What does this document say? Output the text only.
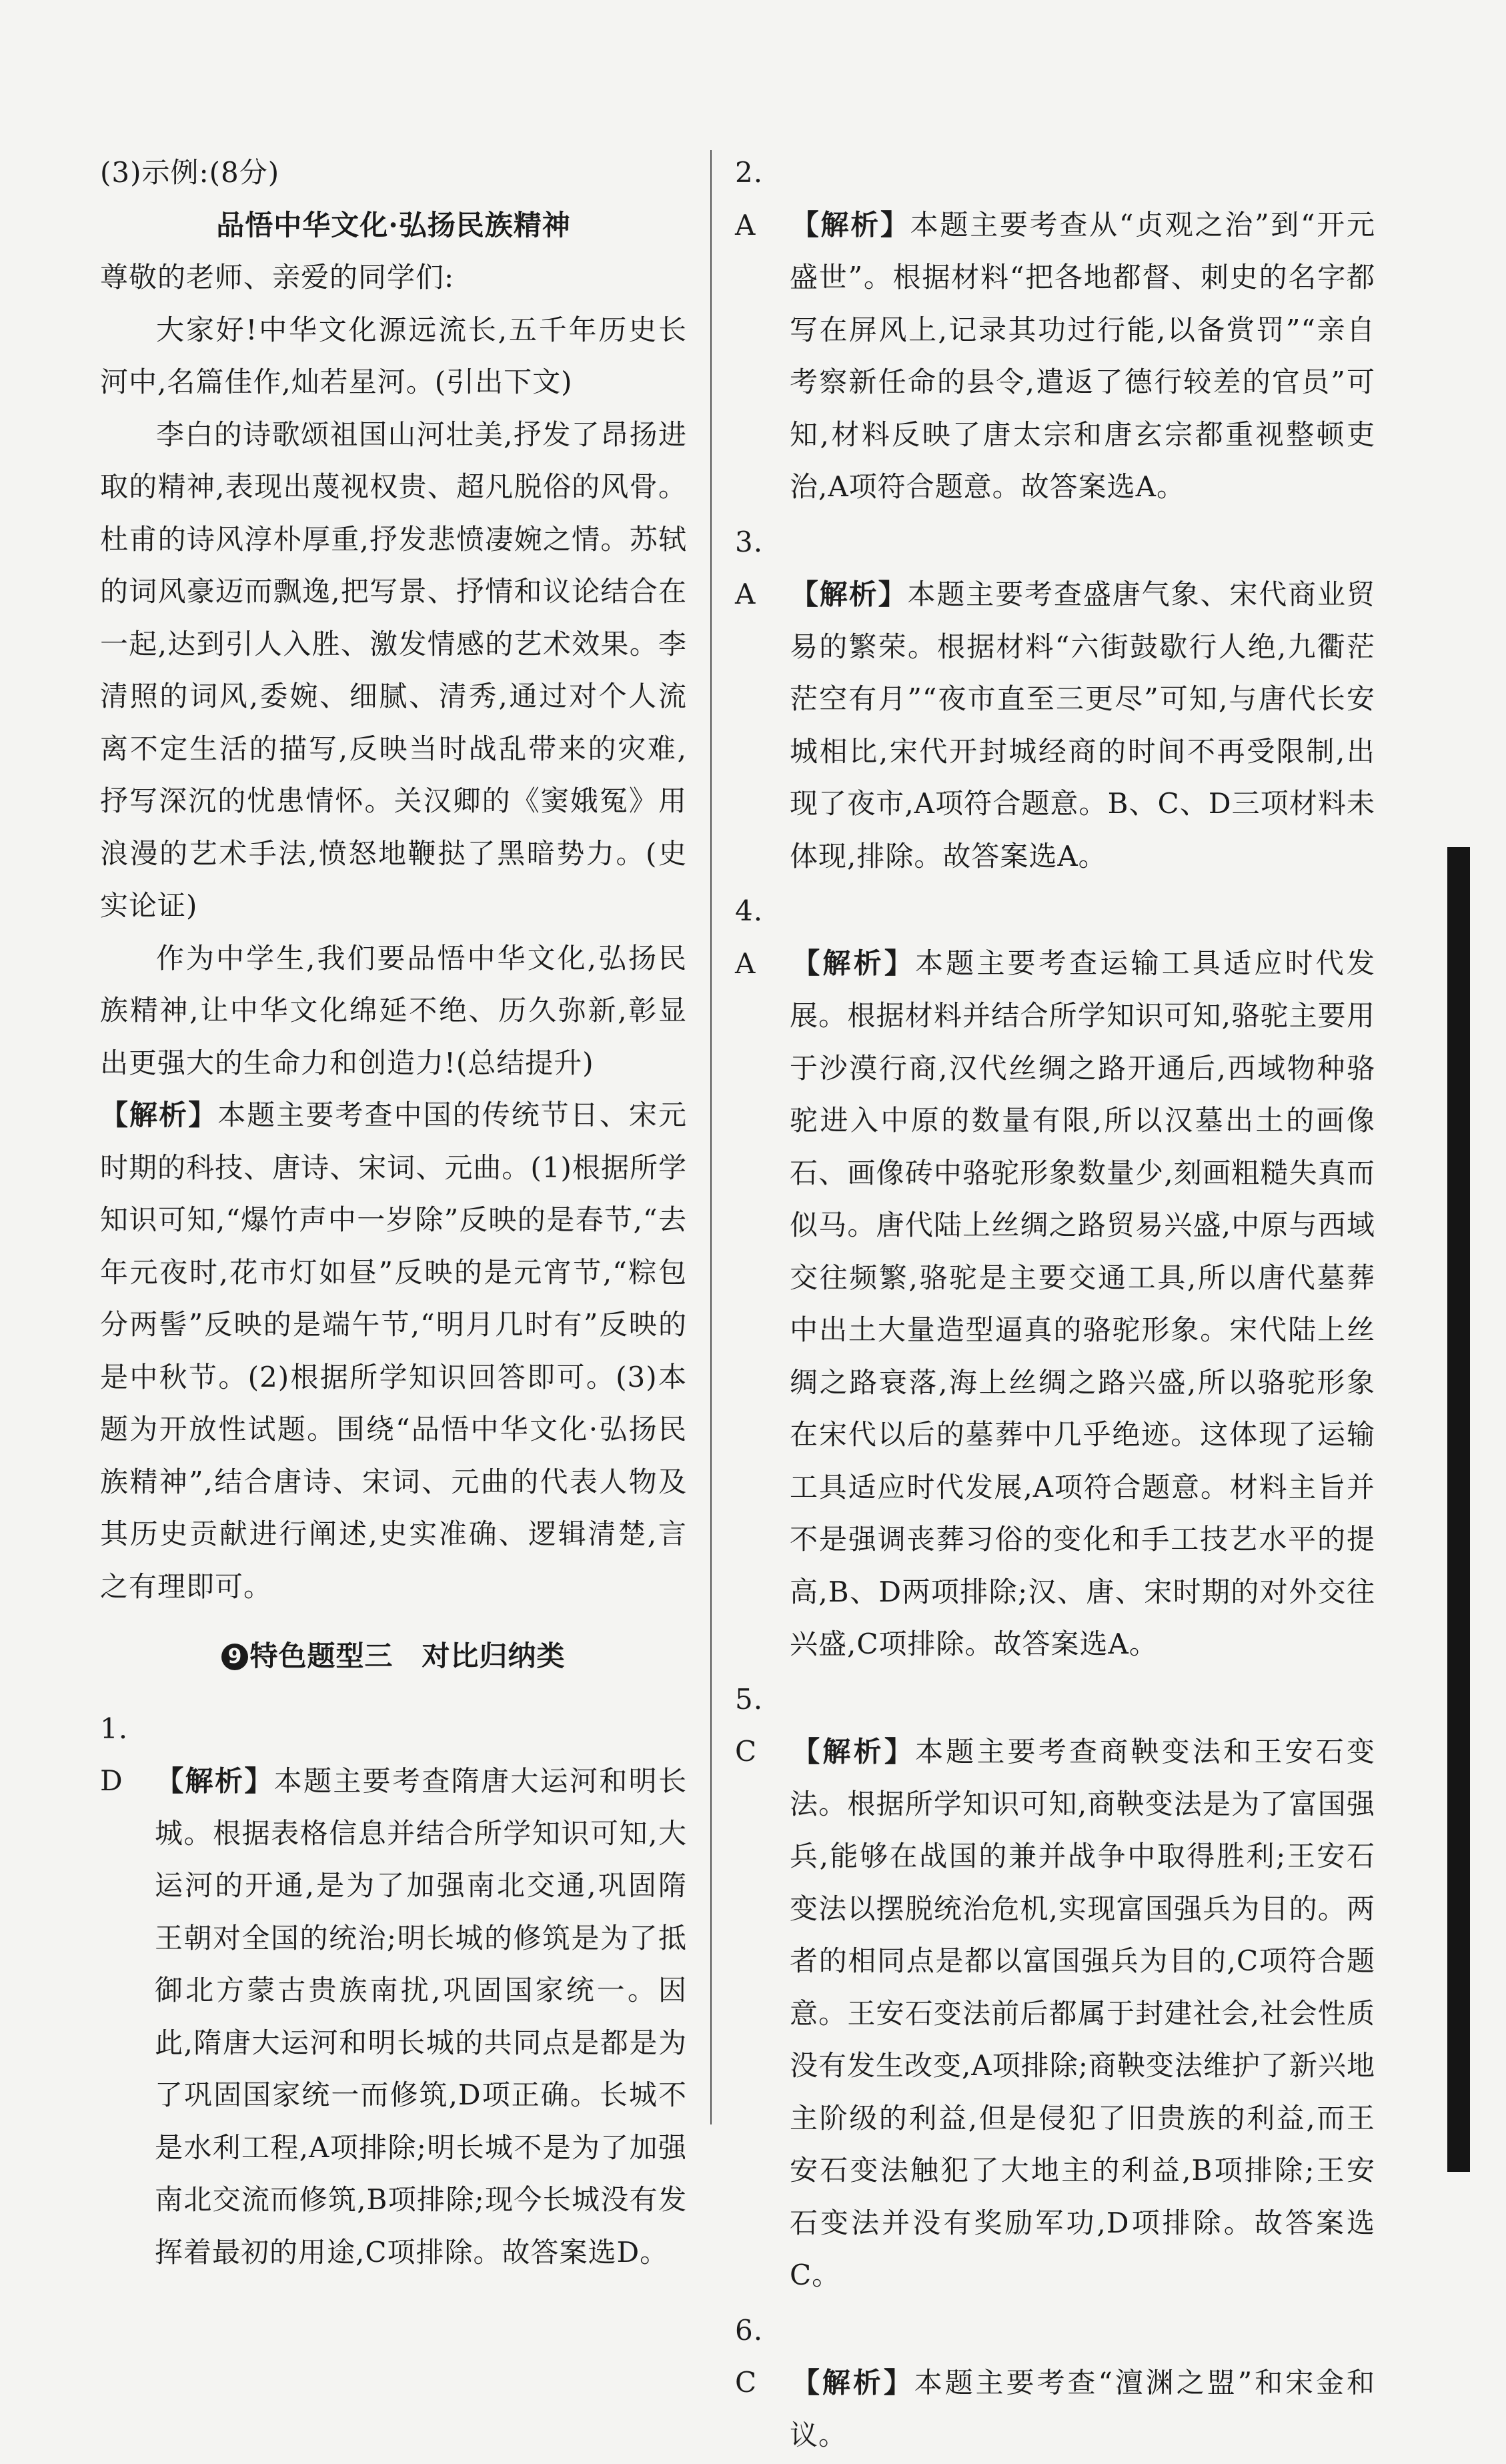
(3)示例:(8分)

品悟中华文化·弘扬民族精神

尊敬的老师、亲爱的同学们:

大家好!中华文化源远流长,五千年历史长河中,名篇佳作,灿若星河。(引出下文)

李白的诗歌颂祖国山河壮美,抒发了昂扬进取的精神,表现出蔑视权贵、超凡脱俗的风骨。杜甫的诗风淳朴厚重,抒发悲愤凄婉之情。苏轼的词风豪迈而飘逸,把写景、抒情和议论结合在一起,达到引人入胜、激发情感的艺术效果。李清照的词风,委婉、细腻、清秀,通过对个人流离不定生活的描写,反映当时战乱带来的灾难,抒写深沉的忧患情怀。关汉卿的《窦娥冤》用浪漫的艺术手法,愤怒地鞭挞了黑暗势力。(史实论证)

作为中学生,我们要品悟中华文化,弘扬民族精神,让中华文化绵延不绝、历久弥新,彰显出更强大的生命力和创造力!(总结提升)

【解析】本题主要考查中国的传统节日、宋元时期的科技、唐诗、宋词、元曲。(1)根据所学知识可知,“爆竹声中一岁除”反映的是春节,“去年元夜时,花市灯如昼”反映的是元宵节,“粽包分两髻”反映的是端午节,“明月几时有”反映的是中秋节。(2)根据所学知识回答即可。(3)本题为开放性试题。围绕“品悟中华文化·弘扬民族精神”,结合唐诗、宋词、元曲的代表人物及其历史贡献进行阐述,史实准确、逻辑清楚,言之有理即可。

9 特色题型三　对比归纳类

1. D 【解析】本题主要考查隋唐大运河和明长城。根据表格信息并结合所学知识可知,大运河的开通,是为了加强南北交通,巩固隋王朝对全国的统治;明长城的修筑是为了抵御北方蒙古贵族南扰,巩固国家统一。因此,隋唐大运河和明长城的共同点是都是为了巩固国家统一而修筑,D项正确。长城不是水利工程,A项排除;明长城不是为了加强南北交流而修筑,B项排除;现今长城没有发挥着最初的用途,C项排除。故答案选D。

2. A 【解析】本题主要考查从“贞观之治”到“开元盛世”。根据材料“把各地都督、刺史的名字都写在屏风上,记录其功过行能,以备赏罚”“亲自考察新任命的县令,遣返了德行较差的官员”可知,材料反映了唐太宗和唐玄宗都重视整顿吏治,A项符合题意。故答案选A。

3. A 【解析】本题主要考查盛唐气象、宋代商业贸易的繁荣。根据材料“六街鼓歇行人绝,九衢茫茫空有月”“夜市直至三更尽”可知,与唐代长安城相比,宋代开封城经商的时间不再受限制,出现了夜市,A项符合题意。B、C、D三项材料未体现,排除。故答案选A。

4. A 【解析】本题主要考查运输工具适应时代发展。根据材料并结合所学知识可知,骆驼主要用于沙漠行商,汉代丝绸之路开通后,西域物种骆驼进入中原的数量有限,所以汉墓出土的画像石、画像砖中骆驼形象数量少,刻画粗糙失真而似马。唐代陆上丝绸之路贸易兴盛,中原与西域交往频繁,骆驼是主要交通工具,所以唐代墓葬中出土大量造型逼真的骆驼形象。宋代陆上丝绸之路衰落,海上丝绸之路兴盛,所以骆驼形象在宋代以后的墓葬中几乎绝迹。这体现了运输工具适应时代发展,A项符合题意。材料主旨并不是强调丧葬习俗的变化和手工技艺水平的提高,B、D两项排除;汉、唐、宋时期的对外交往兴盛,C项排除。故答案选A。

5. C 【解析】本题主要考查商鞅变法和王安石变法。根据所学知识可知,商鞅变法是为了富国强兵,能够在战国的兼并战争中取得胜利;王安石变法以摆脱统治危机,实现富国强兵为目的。两者的相同点是都以富国强兵为目的,C项符合题意。王安石变法前后都属于封建社会,社会性质没有发生改变,A项排除;商鞅变法维护了新兴地主阶级的利益,但是侵犯了旧贵族的利益,而王安石变法触犯了大地主的利益,B项排除;王安石变法并没有奖励军功,D项排除。故答案选C。

6. C 【解析】本题主要考查“澶渊之盟”和宋金和议。
